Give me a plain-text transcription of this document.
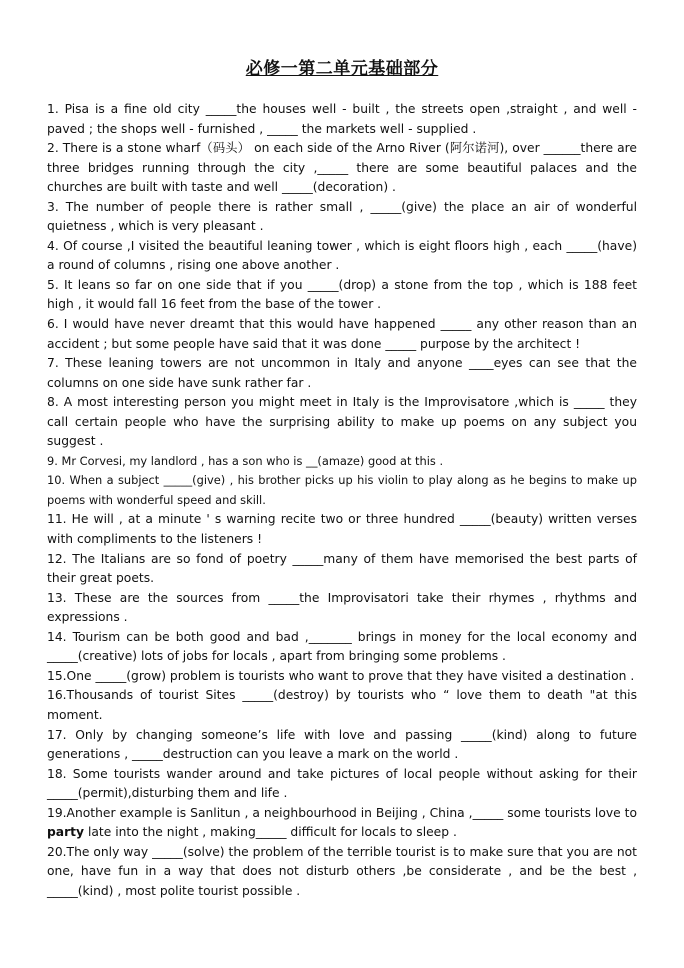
必修一第二单元基础部分

1. Pisa is a fine old city _____the houses well - built , the streets open ,straight , and well - paved ; the shops well - furnished , _____ the markets well - supplied .

2. There is a stone wharf（码头） on each side of the Arno River (阿尔诺河), over ______there are three bridges running through the city ,_____ there are some beautiful palaces and the churches are built with taste and well _____(decoration) .

3. The number of people there is rather small , _____(give) the place an air of wonderful quietness , which is very pleasant .

4. Of course ,I visited the beautiful leaning tower , which is eight floors high , each _____(have) a round of columns , rising one above another .

5. It leans so far on one side that if you _____(drop) a stone from the top , which is 188 feet high , it would fall 16 feet from the base of the tower .

6. I would have never dreamt that this would have happened _____ any other reason than an accident ; but some people have said that it was done _____ purpose by the architect !

7. These leaning towers are not uncommon in Italy and anyone ____eyes can see that the columns on one side have sunk rather far .

8. A most interesting person you might meet in Italy is the Improvisatore ,which is _____ they call certain people who have the surprising ability to make up poems on any subject you suggest .

9. Mr Corvesi, my landlord , has a son who is __(amaze) good at this .

10. When a subject _____(give) , his brother picks up his violin to play along as he begins to make up poems with wonderful speed and skill.

11. He will , at a minute ' s warning recite two or three hundred _____(beauty) written verses with compliments to the listeners !

12. The Italians are so fond of poetry _____many of them have memorised the best parts of their great poets.

13. These are the sources from _____the Improvisatori take their rhymes , rhythms and expressions .

14. Tourism can be both good and bad ,_______ brings in money for the local economy and _____(creative) lots of jobs for locals , apart from bringing some problems .

15.One _____(grow) problem is tourists who want to prove that they have visited a destination .

16.Thousands of tourist Sites _____(destroy) by tourists who “ love them to death "at this moment.

17. Only by changing someone’s life with love and passing _____(kind) along to future generations , _____destruction can you leave a mark on the world .

18. Some tourists wander around and take pictures of local people without asking for their _____(permit),disturbing them and life .

19.Another example is Sanlitun , a neighbourhood in Beijing , China ,_____ some tourists love to party late into the night , making_____ difficult for locals to sleep .

20.The only way _____(solve) the problem of the terrible tourist is to make sure that you are not one, have fun in a way that does not disturb others ,be considerate , and be the best , _____(kind) , most polite tourist possible .
